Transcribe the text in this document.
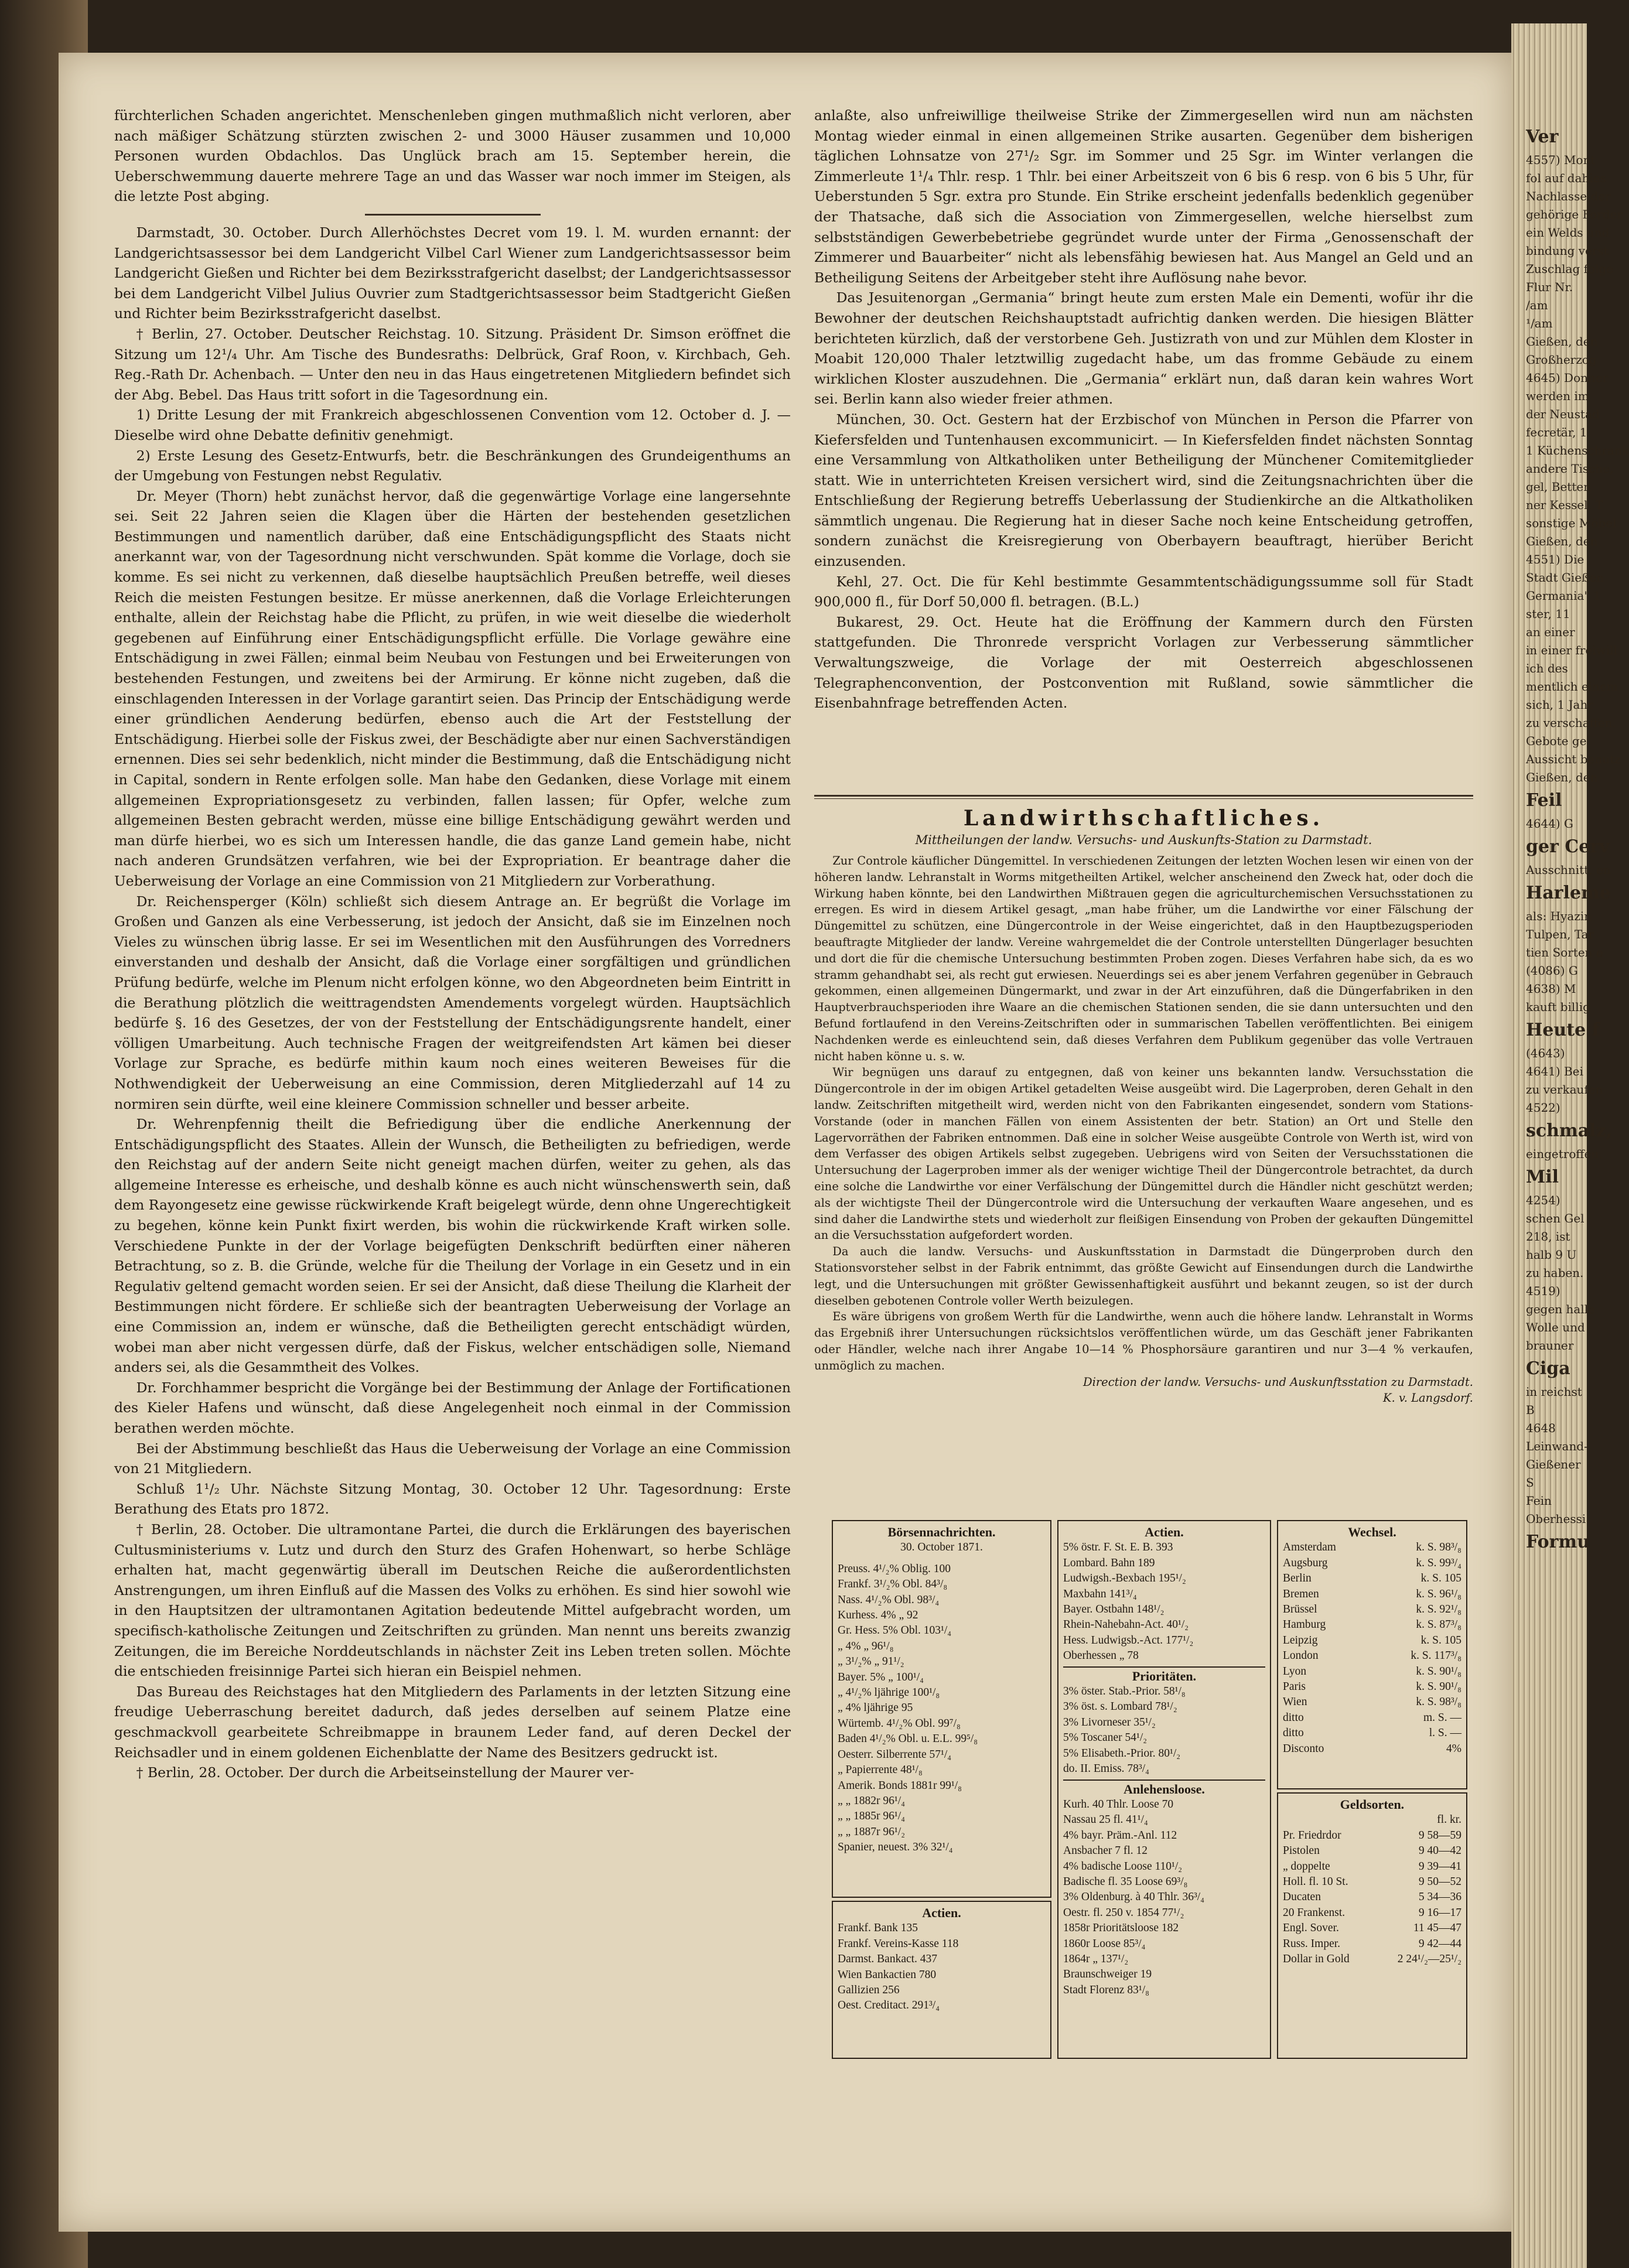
Ver

4557) Mont

fol auf dahies

Nachlasse der

gehörige Forder

ein Welds und

bindung verst

Zuschlag folge

Flur Nr.

/am

¹/am

Gießen, den

Großherzog

4645) Donner

werden im

der Neustad

fecretär, 1

1 Küchenschrank

andere Tische,

gel, Betten

ner Kessel, T

sonstige Möbel

Gießen, den

4551) Die

Stadt Gießen

Germania" 1

ster, 11

an einer

in einer freiwill

ich des

mentlich einem

sich, 1 Jahr

zu verschaffen.

Gebote ge

Aussicht benutz

Gießen, den

Feil

4644) G

ger Cerv

Ausschnitt, en

Harleme

als: Hyazin

Tulpen, Tar

tien Sorten e

(4086) G

4638) M

kauft billig

Heute f

(4643)

4641) Bei

zu verkaufen

4522)

schmalz,

eingetroffen.

Mil

4254)

schen Gel

218, ist

halb 9 U

zu haben.

4519)

gegen halle

Wolle und

brauner

Ciga

in reichst

B

4648

Leinwand-

Gießener

S

Fein

Oberhessi

Formu

fürchterlichen Schaden angerichtet. Menschenleben gingen muthmaßlich nicht verloren, aber nach mäßiger Schätzung stürzten zwischen 2- und 3000 Häuser zusammen und 10,000 Personen wurden Obdachlos. Das Unglück brach am 15. September herein, die Ueberschwemmung dauerte mehrere Tage an und das Wasser war noch immer im Steigen, als die letzte Post abging.

Darmstadt, 30. October. Durch Allerhöchstes Decret vom 19. l. M. wurden ernannt: der Landgerichtsassessor bei dem Landgericht Vilbel Carl Wiener zum Landgerichtsassessor beim Landgericht Gießen und Richter bei dem Bezirksstrafgericht daselbst; der Landgerichtsassessor bei dem Landgericht Vilbel Julius Ouvrier zum Stadtgerichtsassessor beim Stadtgericht Gießen und Richter beim Bezirksstrafgericht daselbst.

† Berlin, 27. October. Deutscher Reichstag. 10. Sitzung. Präsident Dr. Simson eröffnet die Sitzung um 12¹/₄ Uhr. Am Tische des Bundesraths: Delbrück, Graf Roon, v. Kirchbach, Geh. Reg.-Rath Dr. Achenbach. — Unter den neu in das Haus eingetretenen Mitgliedern befindet sich der Abg. Bebel. Das Haus tritt sofort in die Tagesordnung ein.

1) Dritte Lesung der mit Frankreich abgeschlossenen Convention vom 12. October d. J. — Dieselbe wird ohne Debatte definitiv genehmigt.

2) Erste Lesung des Gesetz-Entwurfs, betr. die Beschränkungen des Grundeigenthums an der Umgebung von Festungen nebst Regulativ.

Dr. Meyer (Thorn) hebt zunächst hervor, daß die gegenwärtige Vorlage eine langersehnte sei. Seit 22 Jahren seien die Klagen über die Härten der bestehenden gesetzlichen Bestimmungen und namentlich darüber, daß eine Entschädigungspflicht des Staats nicht anerkannt war, von der Tagesordnung nicht verschwunden. Spät komme die Vorlage, doch sie komme. Es sei nicht zu verkennen, daß dieselbe hauptsächlich Preußen betreffe, weil dieses Reich die meisten Festungen besitze. Er müsse anerkennen, daß die Vorlage Erleichterungen enthalte, allein der Reichstag habe die Pflicht, zu prüfen, in wie weit dieselbe die wiederholt gegebenen auf Einführung einer Entschädigungspflicht erfülle. Die Vorlage gewähre eine Entschädigung in zwei Fällen; einmal beim Neubau von Festungen und bei Erweiterungen von bestehenden Festungen, und zweitens bei der Armirung. Er könne nicht zugeben, daß die einschlagenden Interessen in der Vorlage garantirt seien. Das Princip der Entschädigung werde einer gründlichen Aenderung bedürfen, ebenso auch die Art der Feststellung der Entschädigung. Hierbei solle der Fiskus zwei, der Beschädigte aber nur einen Sachverständigen ernennen. Dies sei sehr bedenklich, nicht minder die Bestimmung, daß die Entschädigung nicht in Capital, sondern in Rente erfolgen solle. Man habe den Gedanken, diese Vorlage mit einem allgemeinen Expropriationsgesetz zu verbinden, fallen lassen; für Opfer, welche zum allgemeinen Besten gebracht werden, müsse eine billige Entschädigung gewährt werden und man dürfe hierbei, wo es sich um Interessen handle, die das ganze Land gemein habe, nicht nach anderen Grundsätzen verfahren, wie bei der Expropriation. Er beantrage daher die Ueberweisung der Vorlage an eine Commission von 21 Mitgliedern zur Vorberathung.

Dr. Reichensperger (Köln) schließt sich diesem Antrage an. Er begrüßt die Vorlage im Großen und Ganzen als eine Verbesserung, ist jedoch der Ansicht, daß sie im Einzelnen noch Vieles zu wünschen übrig lasse. Er sei im Wesentlichen mit den Ausführungen des Vorredners einverstanden und deshalb der Ansicht, daß die Vorlage einer sorgfältigen und gründlichen Prüfung bedürfe, welche im Plenum nicht erfolgen könne, wo den Abgeordneten beim Eintritt in die Berathung plötzlich die weittragendsten Amendements vorgelegt würden. Hauptsächlich bedürfe §. 16 des Gesetzes, der von der Feststellung der Entschädigungsrente handelt, einer völligen Umarbeitung. Auch technische Fragen der weitgreifendsten Art kämen bei dieser Vorlage zur Sprache, es bedürfe mithin kaum noch eines weiteren Beweises für die Nothwendigkeit der Ueberweisung an eine Commission, deren Mitgliederzahl auf 14 zu normiren sein dürfte, weil eine kleinere Commission schneller und besser arbeite.

Dr. Wehrenpfennig theilt die Befriedigung über die endliche Anerkennung der Entschädigungspflicht des Staates. Allein der Wunsch, die Betheiligten zu befriedigen, werde den Reichstag auf der andern Seite nicht geneigt machen dürfen, weiter zu gehen, als das allgemeine Interesse es erheische, und deshalb könne es auch nicht wünschenswerth sein, daß dem Rayongesetz eine gewisse rückwirkende Kraft beigelegt würde, denn ohne Ungerechtigkeit zu begehen, könne kein Punkt fixirt werden, bis wohin die rückwirkende Kraft wirken solle. Verschiedene Punkte in der der Vorlage beigefügten Denkschrift bedürften einer näheren Betrachtung, so z. B. die Gründe, welche für die Theilung der Vorlage in ein Gesetz und in ein Regulativ geltend gemacht worden seien. Er sei der Ansicht, daß diese Theilung die Klarheit der Bestimmungen nicht fördere. Er schließe sich der beantragten Ueberweisung der Vorlage an eine Commission an, indem er wünsche, daß die Betheiligten gerecht entschädigt würden, wobei man aber nicht vergessen dürfe, daß der Fiskus, welcher entschädigen solle, Niemand anders sei, als die Gesammtheit des Volkes.

Dr. Forchhammer bespricht die Vorgänge bei der Bestimmung der Anlage der Fortificationen des Kieler Hafens und wünscht, daß diese Angelegenheit noch einmal in der Commission berathen werden möchte.

Bei der Abstimmung beschließt das Haus die Ueberweisung der Vorlage an eine Commission von 21 Mitgliedern.

Schluß 1¹/₂ Uhr. Nächste Sitzung Montag, 30. October 12 Uhr. Tagesordnung: Erste Berathung des Etats pro 1872.

† Berlin, 28. October. Die ultramontane Partei, die durch die Erklärungen des bayerischen Cultusministeriums v. Lutz und durch den Sturz des Grafen Hohenwart, so herbe Schläge erhalten hat, macht gegenwärtig überall im Deutschen Reiche die außerordentlichsten Anstrengungen, um ihren Einfluß auf die Massen des Volks zu erhöhen. Es sind hier sowohl wie in den Hauptsitzen der ultramontanen Agitation bedeutende Mittel aufgebracht worden, um specifisch-katholische Zeitungen und Zeitschriften zu gründen. Man nennt uns bereits zwanzig Zeitungen, die im Bereiche Norddeutschlands in nächster Zeit ins Leben treten sollen. Möchte die entschieden freisinnige Partei sich hieran ein Beispiel nehmen.

Das Bureau des Reichstages hat den Mitgliedern des Parlaments in der letzten Sitzung eine freudige Ueberraschung bereitet dadurch, daß jedes derselben auf seinem Platze eine geschmackvoll gearbeitete Schreibmappe in braunem Leder fand, auf deren Deckel der Reichsadler und in einem goldenen Eichenblatte der Name des Besitzers gedruckt ist.

† Berlin, 28. October. Der durch die Arbeitseinstellung der Maurer ver-

anlaßte, also unfreiwillige theilweise Strike der Zimmergesellen wird nun am nächsten Montag wieder einmal in einen allgemeinen Strike ausarten. Gegenüber dem bisherigen täglichen Lohnsatze von 27¹/₂ Sgr. im Sommer und 25 Sgr. im Winter verlangen die Zimmerleute 1¹/₄ Thlr. resp. 1 Thlr. bei einer Arbeitszeit von 6 bis 6 resp. von 6 bis 5 Uhr, für Ueberstunden 5 Sgr. extra pro Stunde. Ein Strike erscheint jedenfalls bedenklich gegenüber der Thatsache, daß sich die Association von Zimmergesellen, welche hierselbst zum selbstständigen Gewerbebetriebe gegründet wurde unter der Firma „Genossenschaft der Zimmerer und Bauarbeiter“ nicht als lebensfähig bewiesen hat. Aus Mangel an Geld und an Betheiligung Seitens der Arbeitgeber steht ihre Auflösung nahe bevor.

Das Jesuitenorgan „Germania“ bringt heute zum ersten Male ein Dementi, wofür ihr die Bewohner der deutschen Reichshauptstadt aufrichtig danken werden. Die hiesigen Blätter berichteten kürzlich, daß der verstorbene Geh. Justizrath von und zur Mühlen dem Kloster in Moabit 120,000 Thaler letztwillig zugedacht habe, um das fromme Gebäude zu einem wirklichen Kloster auszudehnen. Die „Germania“ erklärt nun, daß daran kein wahres Wort sei. Berlin kann also wieder freier athmen.

München, 30. Oct. Gestern hat der Erzbischof von München in Person die Pfarrer von Kiefersfelden und Tuntenhausen excommunicirt. — In Kiefersfelden findet nächsten Sonntag eine Versammlung von Altkatholiken unter Betheiligung der Münchener Comitemitglieder statt. Wie in unterrichteten Kreisen versichert wird, sind die Zeitungsnachrichten über die Entschließung der Regierung betreffs Ueberlassung der Studienkirche an die Altkatholiken sämmtlich ungenau. Die Regierung hat in dieser Sache noch keine Entscheidung getroffen, sondern zunächst die Kreisregierung von Oberbayern beauftragt, hierüber Bericht einzusenden.

Kehl, 27. Oct. Die für Kehl bestimmte Gesammtentschädigungssumme soll für Stadt 900,000 fl., für Dorf 50,000 fl. betragen. (B.L.)

Bukarest, 29. Oct. Heute hat die Eröffnung der Kammern durch den Fürsten stattgefunden. Die Thronrede verspricht Vorlagen zur Verbesserung sämmtlicher Verwaltungszweige, die Vorlage der mit Oesterreich abgeschlossenen Telegraphenconvention, der Postconvention mit Rußland, sowie sämmtlicher die Eisenbahnfrage betreffenden Acten.

Landwirthschaftliches.
Mittheilungen der landw. Versuchs- und Auskunfts-Station zu Darmstadt.

Zur Controle käuflicher Düngemittel. In verschiedenen Zeitungen der letzten Wochen lesen wir einen von der höheren landw. Lehranstalt in Worms mitgetheilten Artikel, welcher anscheinend den Zweck hat, oder doch die Wirkung haben könnte, bei den Landwirthen Mißtrauen gegen die agriculturchemischen Versuchsstationen zu erregen. Es wird in diesem Artikel gesagt, „man habe früher, um die Landwirthe vor einer Fälschung der Düngemittel zu schützen, eine Düngercontrole in der Weise eingerichtet, daß in den Hauptbezugsperioden beauftragte Mitglieder der landw. Vereine wahrgemeldet die der Controle unterstellten Düngerlager besuchten und dort die für die chemische Untersuchung bestimmten Proben zogen. Dieses Verfahren habe sich, da es wo stramm gehandhabt sei, als recht gut erwiesen. Neuerdings sei es aber jenem Verfahren gegenüber in Gebrauch gekommen, einen allgemeinen Düngermarkt, und zwar in der Art einzuführen, daß die Düngerfabriken in den Hauptverbrauchsperioden ihre Waare an die chemischen Stationen senden, die sie dann untersuchten und den Befund fortlaufend in den Vereins-Zeitschriften oder in summarischen Tabellen veröffentlichten. Bei einigem Nachdenken werde es einleuchtend sein, daß dieses Verfahren dem Publikum gegenüber das volle Vertrauen nicht haben könne u. s. w.

Wir begnügen uns darauf zu entgegnen, daß von keiner uns bekannten landw. Versuchsstation die Düngercontrole in der im obigen Artikel getadelten Weise ausgeübt wird. Die Lagerproben, deren Gehalt in den landw. Zeitschriften mitgetheilt wird, werden nicht von den Fabrikanten eingesendet, sondern vom Stations-Vorstande (oder in manchen Fällen von einem Assistenten der betr. Station) an Ort und Stelle den Lagervorräthen der Fabriken entnommen. Daß eine in solcher Weise ausgeübte Controle von Werth ist, wird von dem Verfasser des obigen Artikels selbst zugegeben. Uebrigens wird von Seiten der Versuchsstationen die Untersuchung der Lagerproben immer als der weniger wichtige Theil der Düngercontrole betrachtet, da durch eine solche die Landwirthe vor einer Verfälschung der Düngemittel durch die Händler nicht geschützt werden; als der wichtigste Theil der Düngercontrole wird die Untersuchung der verkauften Waare angesehen, und es sind daher die Landwirthe stets und wiederholt zur fleißigen Einsendung von Proben der gekauften Düngemittel an die Versuchsstation aufgefordert worden.

Da auch die landw. Versuchs- und Auskunftsstation in Darmstadt die Düngerproben durch den Stationsvorsteher selbst in der Fabrik entnimmt, das größte Gewicht auf Einsendungen durch die Landwirthe legt, und die Untersuchungen mit größter Gewissenhaftigkeit ausführt und bekannt zeugen, so ist der durch dieselben gebotenen Controle voller Werth beizulegen.

Es wäre übrigens von großem Werth für die Landwirthe, wenn auch die höhere landw. Lehranstalt in Worms das Ergebniß ihrer Untersuchungen rücksichtslos veröffentlichen würde, um das Geschäft jener Fabrikanten oder Händler, welche nach ihrer Angabe 10—14 % Phosphorsäure garantiren und nur 3—4 % verkaufen, unmöglich zu machen.

Direction der landw. Versuchs- und Auskunftsstation zu Darmstadt.

K. v. Langsdorf.

Börsennachrichten.
30. October 1871.
Preuss. 4¹/₂% Oblig. 100
Frankf. 3¹/₂% Obl. 84³/₈
Nass. 4¹/₂% Obl. 98³/₄
Kurhess. 4% „ 92
Gr. Hess. 5% Obl. 103¹/₄
„ 4% „ 96¹/₈
„ 3¹/₂% „ 91¹/₂
Bayer. 5% „ 100¹/₄
„ 4¹/₂% ljährige 100¹/₈
„ 4% ljährige 95
Würtemb. 4¹/₂% Obl. 99⁷/₈
Baden 4¹/₂% Obl. u. E.L. 99⁵/₈
Oesterr. Silberrente 57¹/₄
„ Papierrente 48¹/₈
Amerik. Bonds 1881r 99¹/₈
„ „ 1882r 96¹/₄
„ „ 1885r 96¹/₄
„ „ 1887r 96¹/₂
Spanier, neuest. 3% 32¹/₄
Actien.
Frankf. Bank 135
Frankf. Vereins-Kasse 118
Darmst. Bankact. 437
Wien Bankactien 780
Gallizien 256
Oest. Creditact. 291³/₄
Actien.
5% östr. F. St. E. B. 393
Lombard. Bahn 189
Ludwigsh.-Bexbach 195¹/₂
Maxbahn 141³/₄
Bayer. Ostbahn 148¹/₂
Rhein-Nahebahn-Act. 40¹/₂
Hess. Ludwigsb.-Act. 177¹/₂
Oberhessen „ 78
Prioritäten.
3% öster. Stab.-Prior. 58¹/₈
3% öst. s. Lombard 78¹/₂
3% Livorneser 35¹/₂
5% Toscaner 54¹/₂
5% Elisabeth.-Prior. 80¹/₂
do. II. Emiss. 78³/₄
Anlehensloose.
Kurh. 40 Thlr. Loose 70
Nassau 25 fl. 41¹/₄
4% bayr. Präm.-Anl. 112
Ansbacher 7 fl. 12
4% badische Loose 110¹/₂
Badische fl. 35 Loose 69³/₈
3% Oldenburg. à 40 Thlr. 36³/₄
Oestr. fl. 250 v. 1854 77¹/₂
1858r Prioritätsloose 182
1860r Loose 85³/₄
1864r „ 137¹/₂
Braunschweiger 19
Stadt Florenz 83¹/₈
Wechsel.
Amsterdam	k. S. 98³/₈
Augsburg	k. S. 99³/₄
Berlin	k. S. 105
Bremen	k. S. 96¹/₈
Brüssel	k. S. 92¹/₈
Hamburg	k. S. 87³/₈
Leipzig	k. S. 105
London	k. S. 117³/₈
Lyon	k. S. 90¹/₈
Paris	k. S. 90¹/₈
Wien	k. S. 98³/₈
ditto	m. S. —
ditto	l. S. —
Disconto	4%
Geldsorten.
fl. kr.
Pr. Friedrdor	9 58—59
Pistolen	9 40—42
„ doppelte	9 39—41
Holl. fl. 10 St.	9 50—52
Ducaten	5 34—36
20 Frankenst.	9 16—17
Engl. Sover.	11 45—47
Russ. Imper.	9 42—44
Dollar in Gold	2 24¹/₂—25¹/₂
